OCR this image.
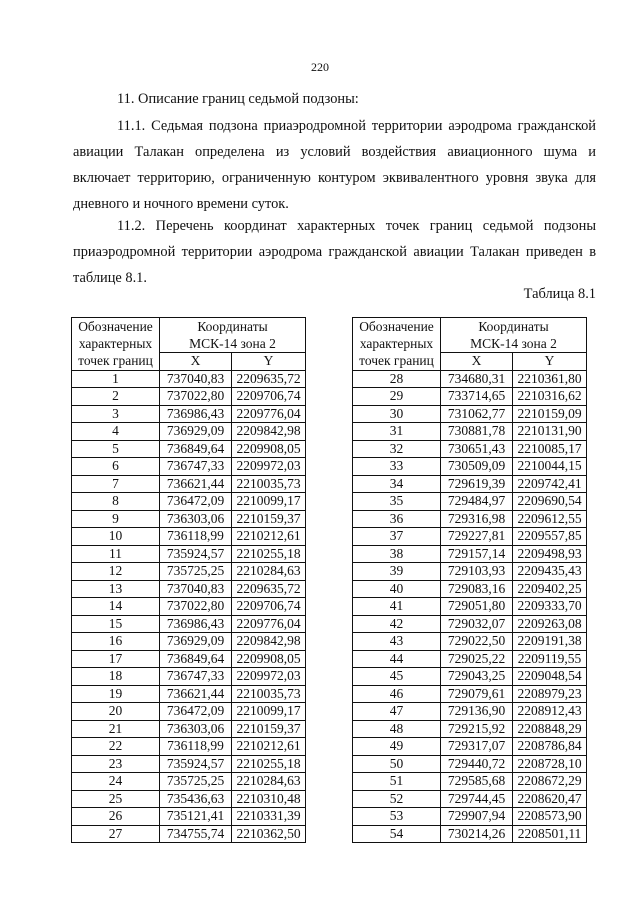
220

11. Описание границ седьмой подзоны:

11.1. Седьмая подзона приаэродромной территории аэродрома гражданской авиации Талакан определена из условий воздействия авиационного шума и включает территорию, ограниченную контуром эквивалентного уровня звука для дневного и ночного времени суток.

11.2. Перечень координат характерных точек границ седьмой подзоны приаэродромной территории аэродрома гражданской авиации Талакан приведен в таблице 8.1.

Таблица 8.1
Обозначение
характерных
точек границ	Координаты
МСК-14 зона 2	
	X	Y
1	737040,83	2209635,72
2	737022,80	2209706,74
3	736986,43	2209776,04
4	736929,09	2209842,98
5	736849,64	2209908,05
6	736747,33	2209972,03
7	736621,44	2210035,73
8	736472,09	2210099,17
9	736303,06	2210159,37
10	736118,99	2210212,61
11	735924,57	2210255,18
12	735725,25	2210284,63
13	737040,83	2209635,72
14	737022,80	2209706,74
15	736986,43	2209776,04
16	736929,09	2209842,98
17	736849,64	2209908,05
18	736747,33	2209972,03
19	736621,44	2210035,73
20	736472,09	2210099,17
21	736303,06	2210159,37
22	736118,99	2210212,61
23	735924,57	2210255,18
24	735725,25	2210284,63
25	735436,63	2210310,48
26	735121,41	2210331,39
27	734755,74	2210362,50
Обозначение
характерных
точек границ	Координаты
МСК-14 зона 2	
	X	Y
28	734680,31	2210361,80
29	733714,65	2210316,62
30	731062,77	2210159,09
31	730881,78	2210131,90
32	730651,43	2210085,17
33	730509,09	2210044,15
34	729619,39	2209742,41
35	729484,97	2209690,54
36	729316,98	2209612,55
37	729227,81	2209557,85
38	729157,14	2209498,93
39	729103,93	2209435,43
40	729083,16	2209402,25
41	729051,80	2209333,70
42	729032,07	2209263,08
43	729022,50	2209191,38
44	729025,22	2209119,55
45	729043,25	2209048,54
46	729079,61	2208979,23
47	729136,90	2208912,43
48	729215,92	2208848,29
49	729317,07	2208786,84
50	729440,72	2208728,10
51	729585,68	2208672,29
52	729744,45	2208620,47
53	729907,94	2208573,90
54	730214,26	2208501,11
